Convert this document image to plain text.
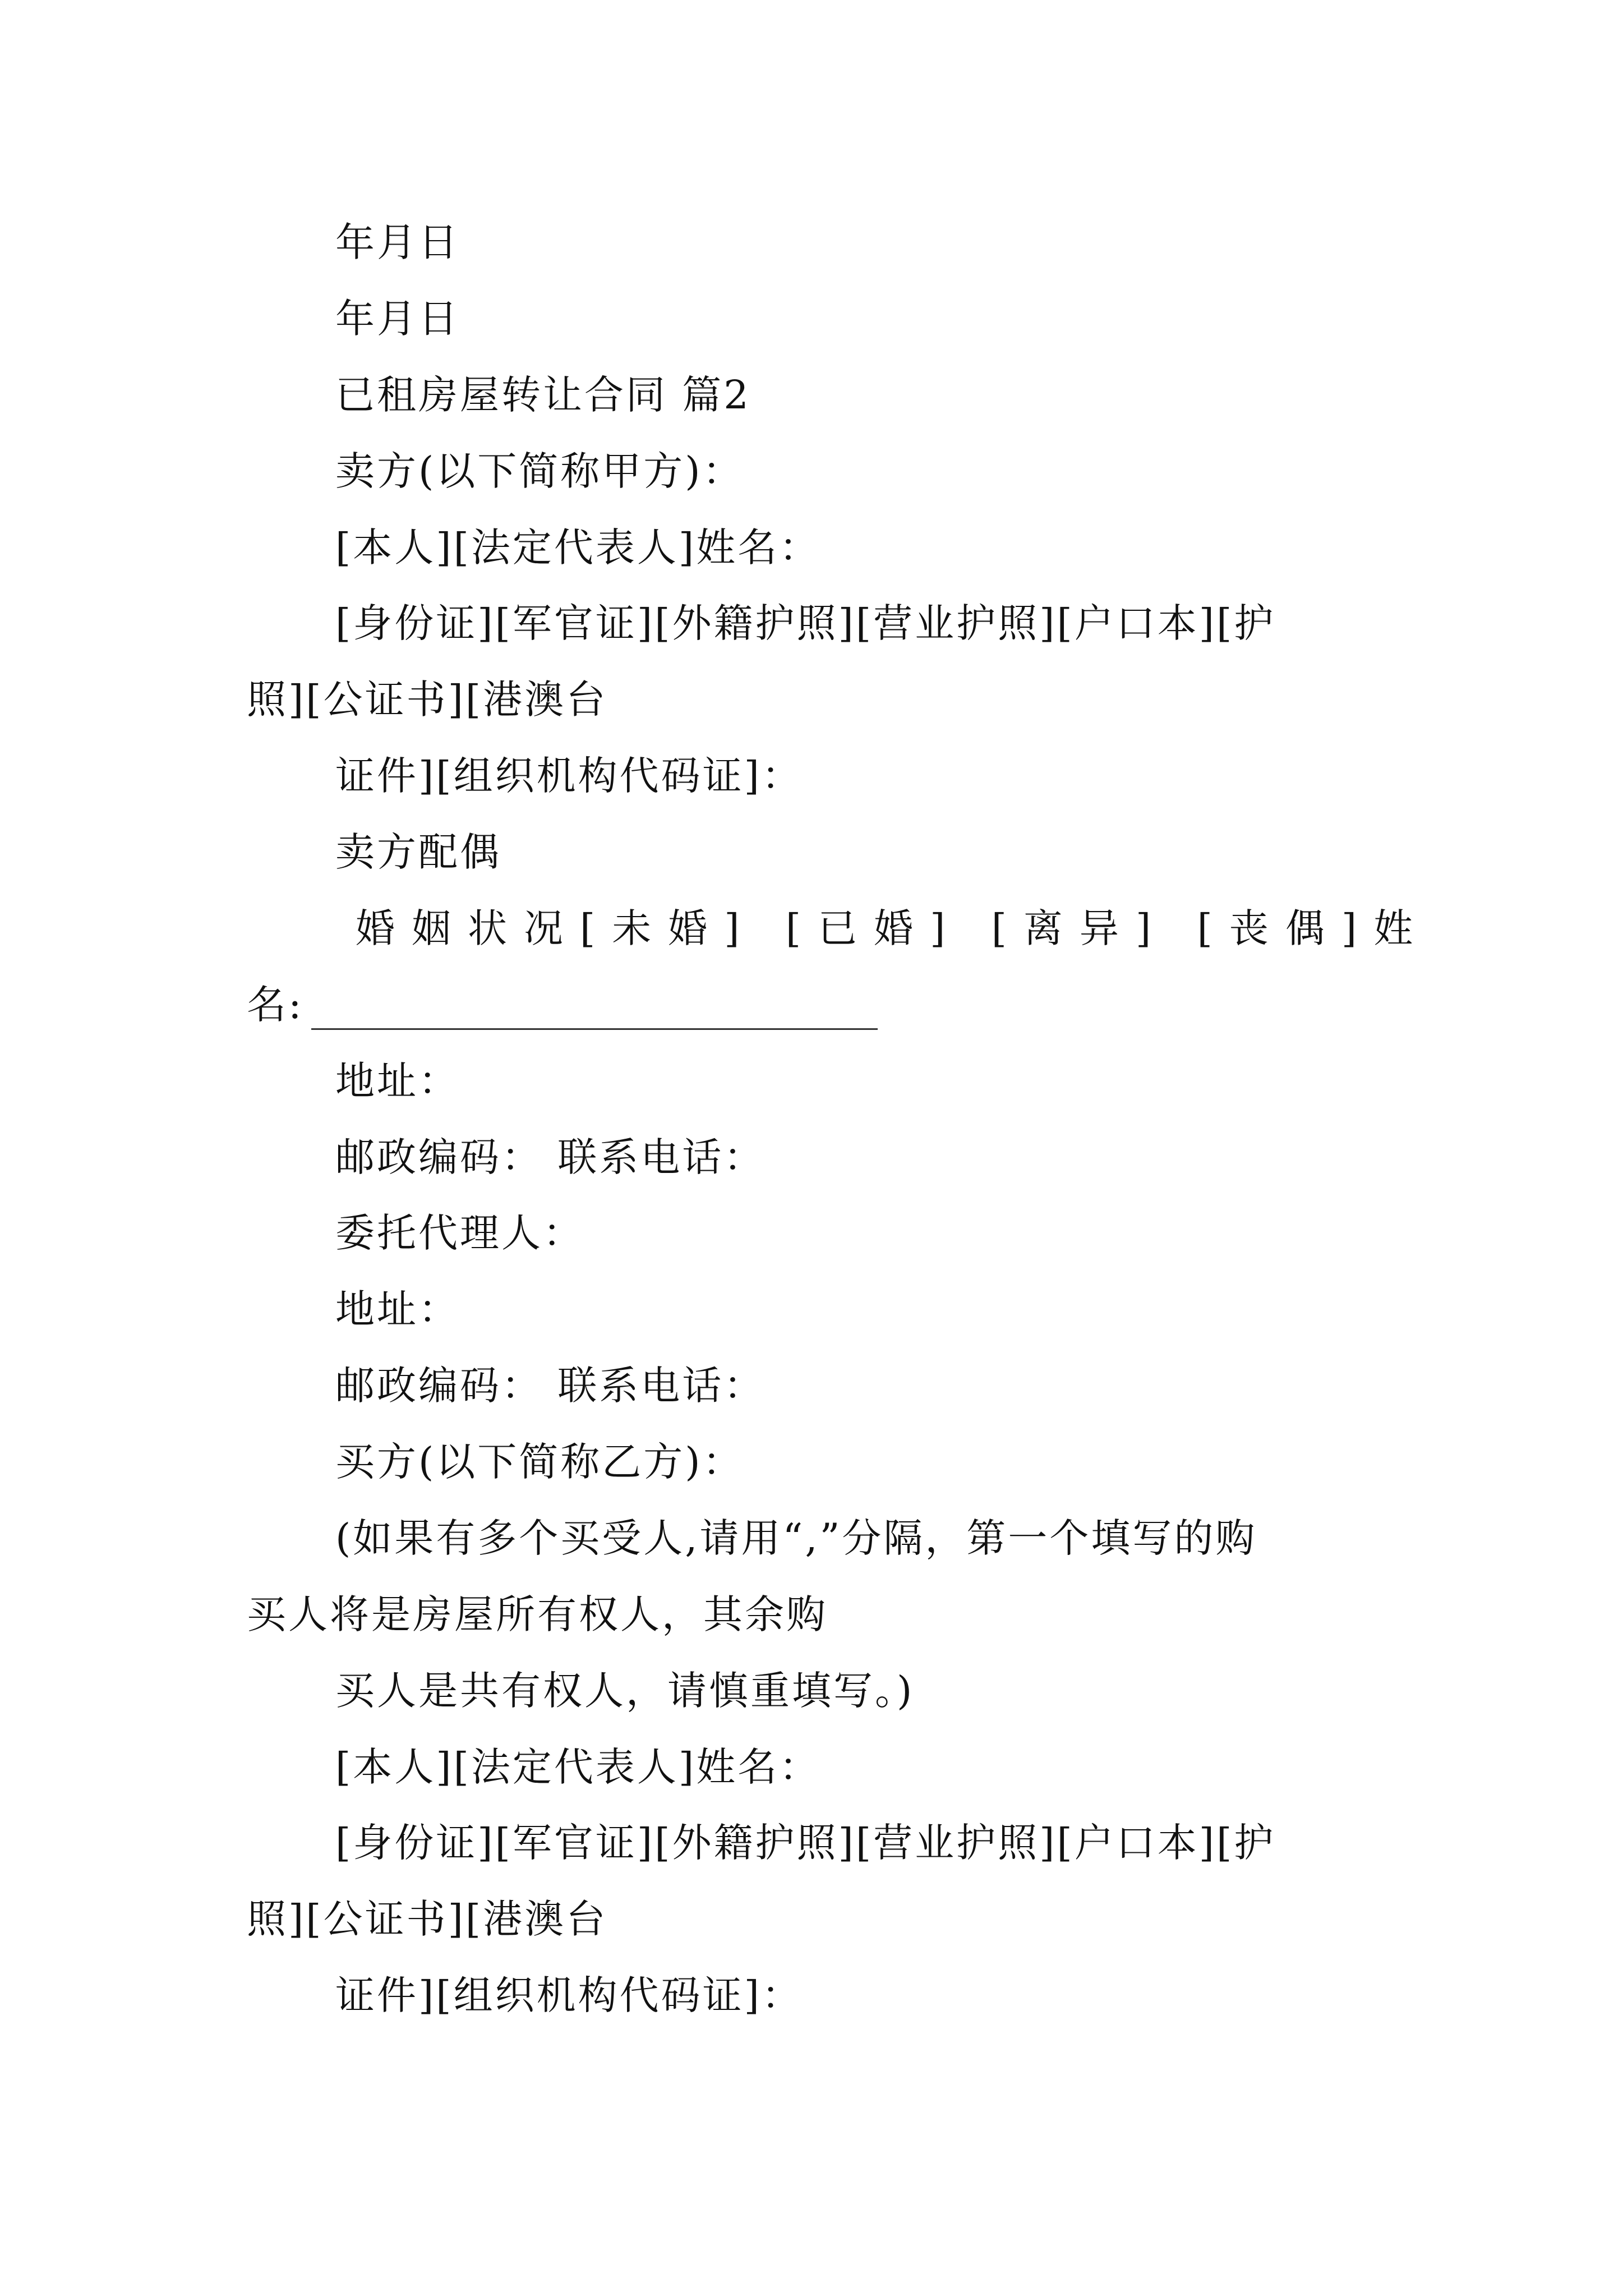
年月日
年月日
已租房屋转让合同 篇2
卖方(以下简称甲方)：
[本人][法定代表人]姓名：
[身份证][军官证][外籍护照][营业护照][户口本][护
照][公证书][港澳台
证件][组织机构代码证]：
卖方配偶
婚姻状况[未婚] [已婚] [离异] [丧偶]姓
名:
地址：
邮政编码： 联系电话：
委托代理人：
地址：
邮政编码： 联系电话：
买方(以下简称乙方)：
(如果有多个买受人,请用“,”分隔，第一个填写的购
买人将是房屋所有权人，其余购
买人是共有权人，请慎重填写。)
[本人][法定代表人]姓名：
[身份证][军官证][外籍护照][营业护照][户口本][护
照][公证书][港澳台
证件][组织机构代码证]：
